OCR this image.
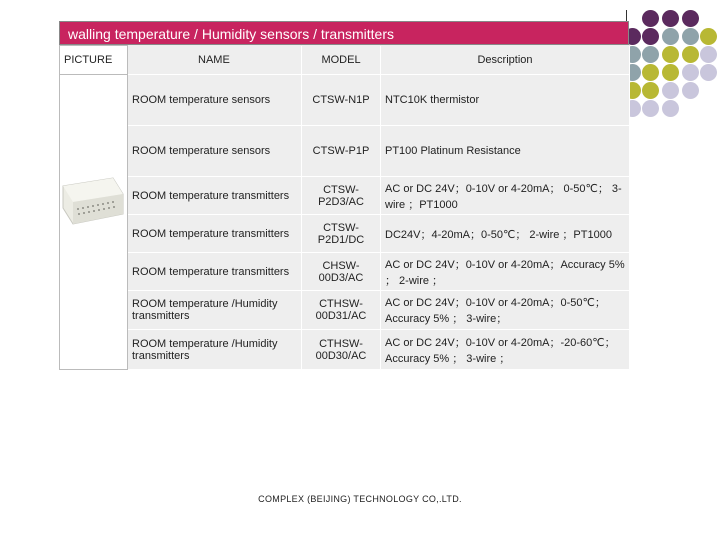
walling temperature / Humidity sensors / transmitters
PICTURE	NAME	MODEL	Description
	ROOM temperature sensors	CTSW-N1P	NTC10K thermistor
	ROOM temperature sensors	CTSW-P1P	PT100 Platinum Resistance
	ROOM temperature transmitters	CTSW-P2D3/AC	AC or DC 24V；0-10V or 4-20mA； 0-50℃； 3-wire ；PT1000
	ROOM temperature transmitters	CTSW-P2D1/DC	DC24V；4-20mA；0-50℃； 2-wire ；PT1000
	ROOM temperature transmitters	CHSW-00D3/AC	AC or DC 24V；0-10V or 4-20mA；Accuracy 5% ； 2-wire ；
	ROOM temperature /Humidity transmitters	CTHSW-00D31/AC	AC or DC 24V；0-10V or 4-20mA；0-50℃；Accuracy 5% ； 3-wire；
	ROOM temperature /Humidity transmitters	CTHSW-00D30/AC	AC or DC 24V；0-10V or 4-20mA；-20-60℃； Accuracy 5% ； 3-wire ；
COMPLEX (BEIJING) TECHNOLOGY CO,.LTD.
